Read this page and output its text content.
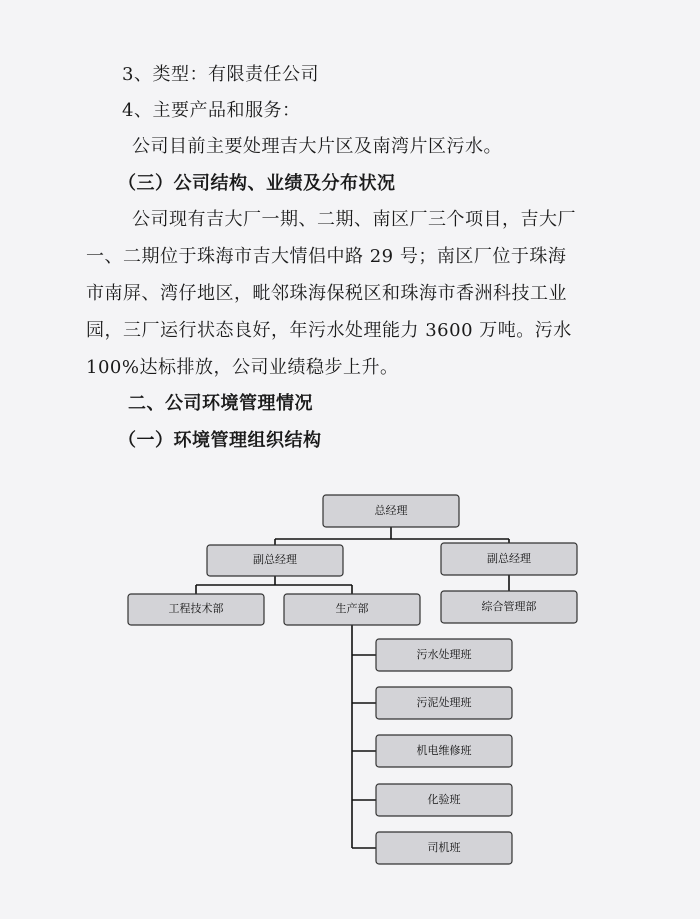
3、类型：有限责任公司
4、主要产品和服务：
公司目前主要处理吉大片区及南湾片区污水。
（三）公司结构、业绩及分布状况
公司现有吉大厂一期、二期、南区厂三个项目，吉大厂
一、二期位于珠海市吉大情侣中路 29 号；南区厂位于珠海
市南屏、湾仔地区，毗邻珠海保税区和珠海市香洲科技工业
园，三厂运行状态良好，年污水处理能力 3600 万吨。污水
100%达标排放，公司业绩稳步上升。
二、公司环境管理情况
（一）环境管理组织结构
总经理
副总经理	副总经理
工程技术部	生产部	综合管理部
污水处理班
污泥处理班
机电维修班
化验班
司机班
